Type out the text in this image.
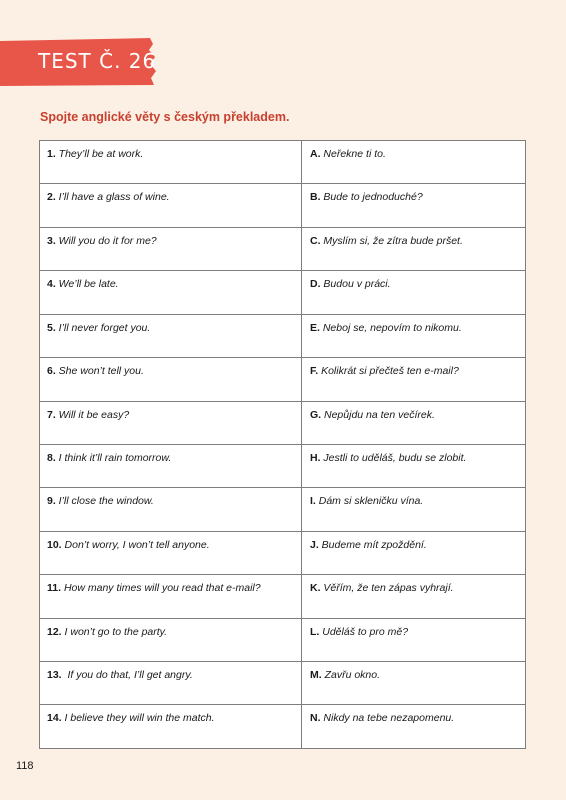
TEST Č. 26
Spojte anglické věty s českým překladem.
1. They’ll be at work.	A. Neřekne ti to.
2. I’ll have a glass of wine.	B. Bude to jednoduché?
3. Will you do it for me?	C. Myslím si, že zítra bude pršet.
4. We’ll be late.	D. Budou v práci.
5. I’ll never forget you.	E. Neboj se, nepovím to nikomu.
6. She won’t tell you.	F. Kolikrát si přečteš ten e-mail?
7. Will it be easy?	G. Nepůjdu na ten večírek.
8. I think it’ll rain tomorrow.	H. Jestli to uděláš, budu se zlobit.
9. I’ll close the window.	I. Dám si skleničku vína.
10. Don’t worry, I won’t tell anyone.	J. Budeme mít zpoždění.
11. How many times will you read that e-mail?	K. Věřím, že ten zápas vyhrají.
12. I won’t go to the party.	L. Uděláš to pro mě?
13.  If you do that, I’ll get angry.	M. Zavřu okno.
14. I believe they will win the match.	N. Nikdy na tebe nezapomenu.
118
